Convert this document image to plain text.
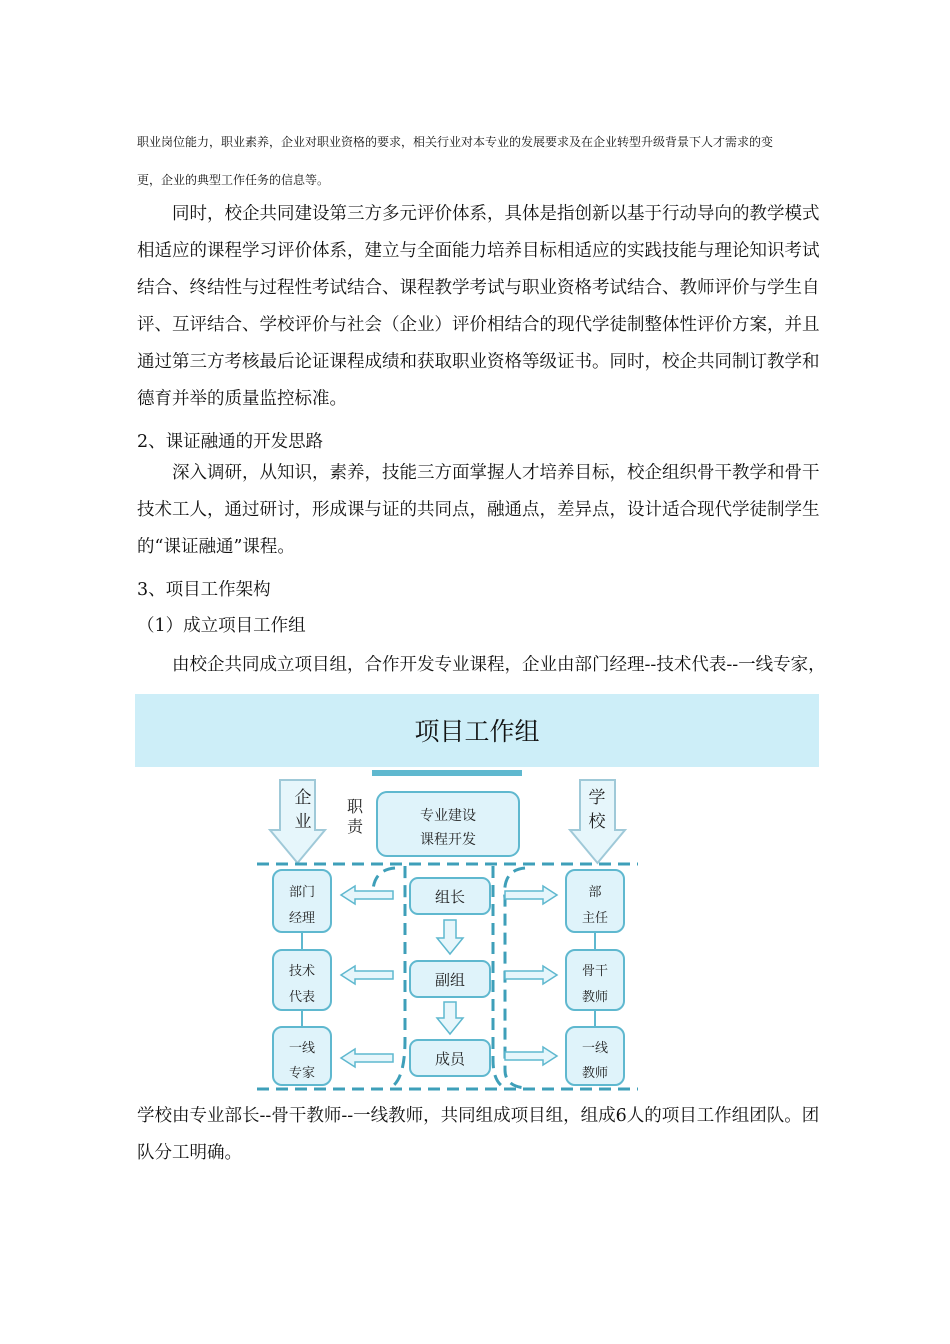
职业岗位能力，职业素养，企业对职业资格的要求，相关行业对本专业的发展要求及在企业转型升级背景下人才需求的变
更，企业的典型工作任务的信息等。
同时，校企共同建设第三方多元评价体系，具体是指创新以基于行动导向的教学模式相适应的课程学习评价体系，建立与全面能力培养目标相适应的实践技能与理论知识考试结合、终结性与过程性考试结合、课程教学考试与职业资格考试结合、教师评价与学生自评、互评结合、学校评价与社会（企业）评价相结合的现代学徒制整体性评价方案，并且通过第三方考核最后论证课程成绩和获取职业资格等级证书。同时，校企共同制订教学和德育并举的质量监控标准。
2、课证融通的开发思路
深入调研，从知识，素养，技能三方面掌握人才培养目标，校企组织骨干教学和骨干技术工人，通过研讨，形成课与证的共同点，融通点，差异点，设计适合现代学徒制学生的“课证融通”课程。
3、项目工作架构
（1）成立项目工作组
由校企共同成立项目组，合作开发专业课程，企业由部门经理--技术代表--一线专家，
项目工作组
企
业
学
校
职
责
专业建设
课程开发
部门
经理
技术
代表
一线
专家
部
主任
骨干
教师
一线
教师
组长
副组
成员
学校由专业部长--骨干教师--一线教师，共同组成项目组，组成6人的项目工作组团队。团队分工明确。
